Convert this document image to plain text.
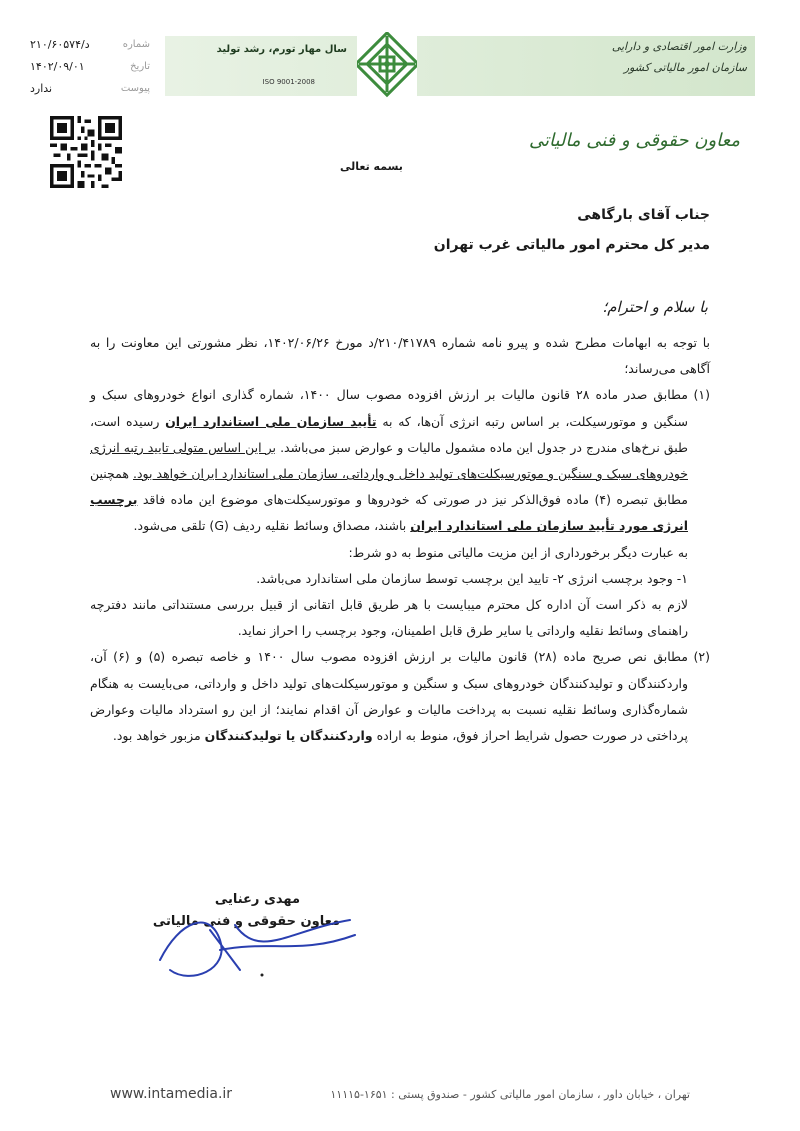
شماره
د/۲۱۰/۶۰۵۷۴
تاریخ
۱۴۰۲/۰۹/۰۱
پیوست
ندارد
سال مهار تورم، رشد تولید
ISO 9001-2008
وزارت امور اقتصادی و دارایی
سازمان امور مالیاتی کشور
معاون حقوقی و فنی مالیاتی
بسمه تعالی
جناب آقای بارگاهی
مدیر کل محترم امور مالیاتی غرب تهران
با سلام و احترام؛

با توجه به ابهامات مطرح شده و پیرو نامه شماره ۲۱۰/۴۱۷۸۹/د مورخ ۱۴۰۲/۰۶/۲۶، نظر مشورتی این معاونت را به آگاهی می‌رساند؛

(۱)مطابق صدر ماده ۲۸ قانون مالیات بر ارزش افزوده مصوب سال ۱۴۰۰، شماره گذاری انواع خودروهای سبک و سنگین و موتورسیکلت، بر اساس رتبه انرژی آن‌ها، که به تأیید سازمان ملی استاندارد ایران رسیده است، طبق نرخ‌های مندرج در جدول این ماده مشمول مالیات و عوارض سبز می‌باشد. بر این اساس متولی تایید رتبه انرژی خودروهای سبک و سنگین و موتورسیکلت‌های تولید داخل و وارداتی، سازمان ملی استاندارد ایران خواهد بود. همچنین مطابق تبصره (۴) ماده فوق‌الذکر نیز در صورتی که خودروها و موتورسیکلت‌های موضوع این ماده فاقد برچسب انرژی مورد تأیید سازمان ملی استاندارد ایران باشند، مصداق وسائط نقلیه ردیف (G) تلقی می‌شود.

به عبارت دیگر برخورداری از این مزیت مالیاتی منوط به دو شرط:

۱- وجود برچسب انرژی ۲- تایید این برچسب توسط سازمان ملی استاندارد می‌باشد.

لازم به ذکر است آن اداره کل محترم میبایست با هر طریق قابل اتقانی از قبیل بررسی مستنداتی مانند دفترچه راهنمای وسائط نقلیه وارداتی یا سایر طرق قابل اطمینان، وجود برچسب را احراز نماید.

(۲)مطابق نص صریح ماده (۲۸) قانون مالیات بر ارزش افزوده مصوب سال ۱۴۰۰ و خاصه تبصره (۵) و (۶) آن، واردکنندگان و تولیدکنندگان خودروهای سبک و سنگین و موتورسیکلت‌های تولید داخل و وارداتی، می‌بایست به هنگام شماره‌گذاری وسائط نقلیه نسبت به پرداخت مالیات و عوارض آن اقدام نمایند؛ از این رو استرداد مالیات وعوارض پرداختی در صورت حصول شرایط احراز فوق، منوط به اراده واردکنندگان یا تولیدکنندگان مزبور خواهد بود.

مهدی رعنایی
معاون حقوقی و فنی مالیاتی
www.intamedia.ir	تهران ، خیابان داور ، سازمان امور مالیاتی کشور - صندوق پستی : ۱۶۵۱-۱۱۱۱۵
